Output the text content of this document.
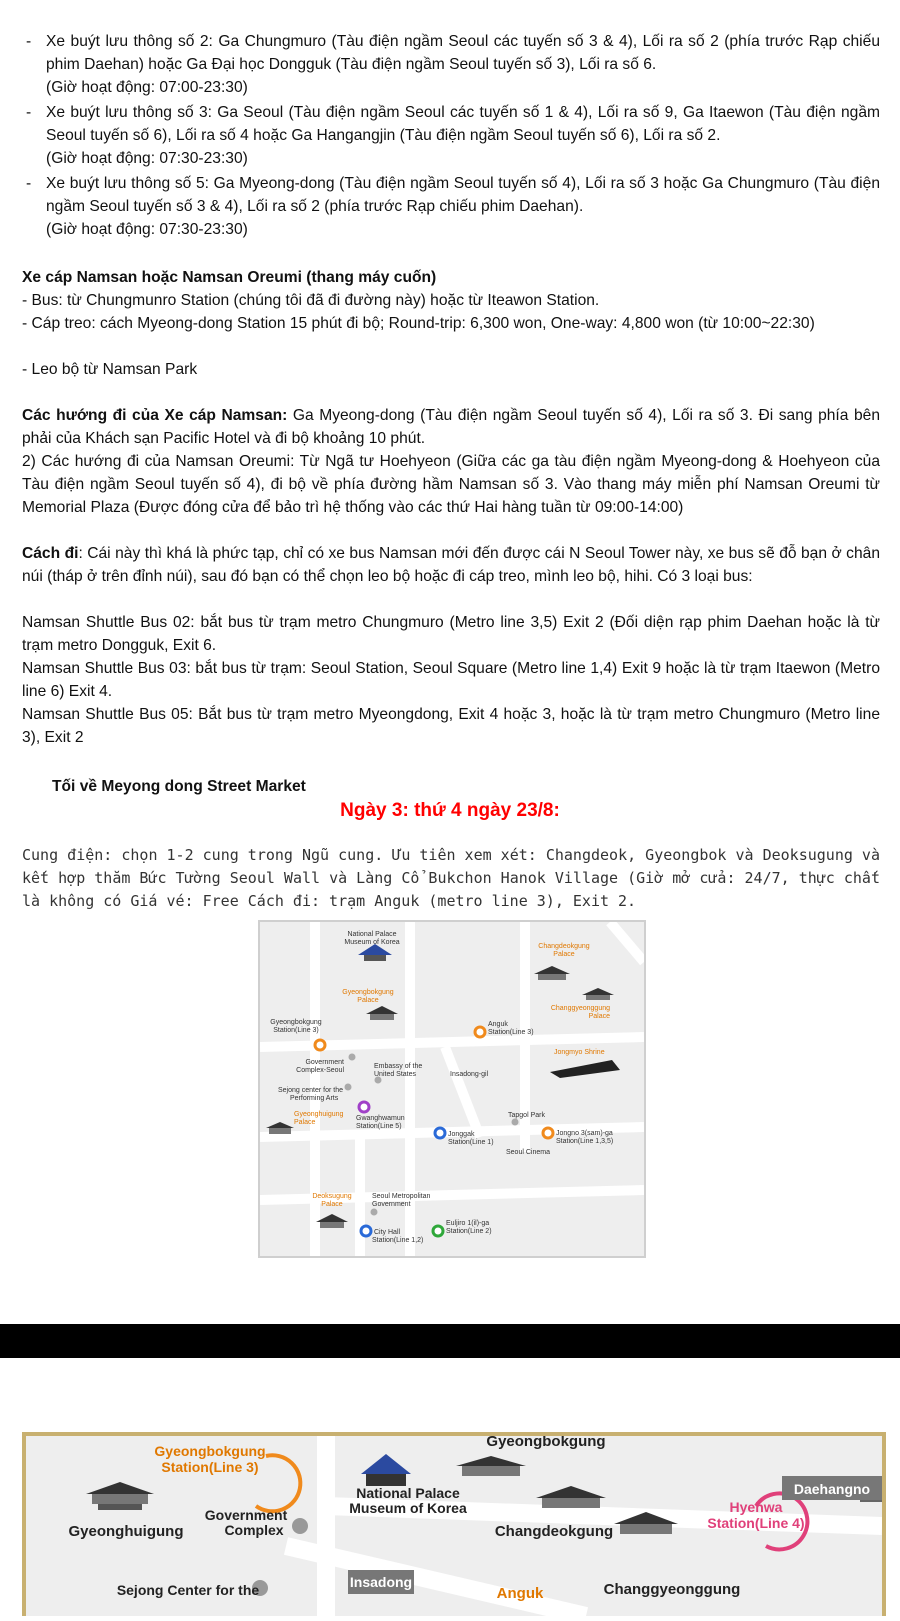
- Xe buýt lưu thông số 2: Ga Chungmuro (Tàu điện ngầm Seoul các tuyến số 3 & 4), Lối ra số 2 (phía trước Rạp chiếu phim Daehan) hoặc Ga Đại học Dongguk (Tàu điện ngầm Seoul tuyến số 3), Lối ra số 6.
(Giờ hoạt động: 07:00-23:30)
- Xe buýt lưu thông số 3: Ga Seoul (Tàu điện ngầm Seoul các tuyến số 1 & 4), Lối ra số 9, Ga Itaewon (Tàu điện ngầm Seoul tuyến số 6), Lối ra số 4 hoặc Ga Hangangjin (Tàu điện ngầm Seoul tuyến số 6), Lối ra số 2.
(Giờ hoạt động: 07:30-23:30)
- Xe buýt lưu thông số 5: Ga Myeong-dong (Tàu điện ngầm Seoul tuyến số 4), Lối ra số 3 hoặc Ga Chungmuro (Tàu điện ngầm Seoul tuyến số 3 & 4), Lối ra số 2 (phía trước Rạp chiếu phim Daehan).
(Giờ hoạt động: 07:30-23:30)

Xe cáp Namsan hoặc Namsan Oreumi (thang máy cuốn)

- Bus: từ Chungmunro Station (chúng tôi đã đi đường này) hoặc từ Iteawon Station.

- Cáp treo: cách Myeong-dong Station 15 phút đi bộ; Round-trip: 6,300 won, One-way: 4,800 won (từ 10:00~22:30)

- Leo bộ từ Namsan Park

Các hướng đi của Xe cáp Namsan: Ga Myeong-dong (Tàu điện ngầm Seoul tuyến số 4), Lối ra số 3. Đi sang phía bên phải của Khách sạn Pacific Hotel và đi bộ khoảng 10 phút.

2) Các hướng đi của Namsan Oreumi: Từ Ngã tư Hoehyeon (Giữa các ga tàu điện ngầm Myeong-dong & Hoehyeon của Tàu điện ngầm Seoul tuyến số 4), đi bộ về phía đường hầm Namsan số 3. Vào thang máy miễn phí Namsan Oreumi từ Memorial Plaza (Được đóng cửa để bảo trì hệ thống vào các thứ Hai hàng tuần từ 09:00-14:00)

Cách đi: Cái này thì khá là phức tạp, chỉ có xe bus Namsan mới đến được cái N Seoul Tower này, xe bus sẽ đỗ bạn ở chân núi (tháp ở trên đỉnh núi), sau đó bạn có thể chọn leo bộ hoặc đi cáp treo, mình leo bộ, hihi. Có 3 loại bus:

Namsan Shuttle Bus 02: bắt bus từ trạm metro Chungmuro (Metro line 3,5) Exit 2 (Đối diện rạp phim Daehan hoặc là từ trạm metro Dongguk, Exit 6.

Namsan Shuttle Bus 03: bắt bus từ trạm: Seoul Station, Seoul Square (Metro line 1,4) Exit 9 hoặc là từ trạm Itaewon (Metro line 6) Exit 4.

Namsan Shuttle Bus 05: Bắt bus từ trạm metro Myeongdong, Exit 4 hoặc 3, hoặc là từ trạm metro Chungmuro (Metro line 3), Exit 2

Tối về Meyong dong Street Market

Ngày 3: thứ 4 ngày 23/8:

Cung điện: chọn 1-2 cung trong Ngũ cung. Ưu tiên xem xét: Changdeok, Gyeongbok và Deoksugung và kết hợp thăm Bức Tường Seoul Wall và Làng Cổ Bukchon Hanok Village (Giờ mở cửa: 24/7, thực chất là không có Giá vé: Free Cách đi: trạm Anguk (metro line 3), Exit 2.

National Palace
Museum of Korea
Changdeokgung
Palace
Gyeongbokgung
Palace
Changgyeonggung
Palace
Gyeongbokgung
Station(Line 3)
Anguk
Station(Line 3)
Jongmyo Shrine
Government
Complex-Seoul
Embassy of the
United States	Insadong-gil
Sejong center for the
Performing Arts
Gyeonghuigung
Palace
Gwanghwamun
Station(Line 5)
Tapgol Park
Jonggak
Station(Line 1)
Jongno 3(sam)-ga
Station(Line 1,3,5)
Seoul Cinema
Deoksugung
Palace
Seoul Metropolitan
Government
Euljiro 1(il)-ga
Station(Line 2)
City Hall
Station(Line 1,2)
Gyeongbokgung
Gyeongbokgung
Station(Line 3)
National Palace
Museum of Korea
Daehangno
Hyehwa
Station(Line 4)
Gyeonghuigung
Government
Complex	Changdeokgung
Insadong
Sejong Center for the	Anguk	Changgyeonggung
